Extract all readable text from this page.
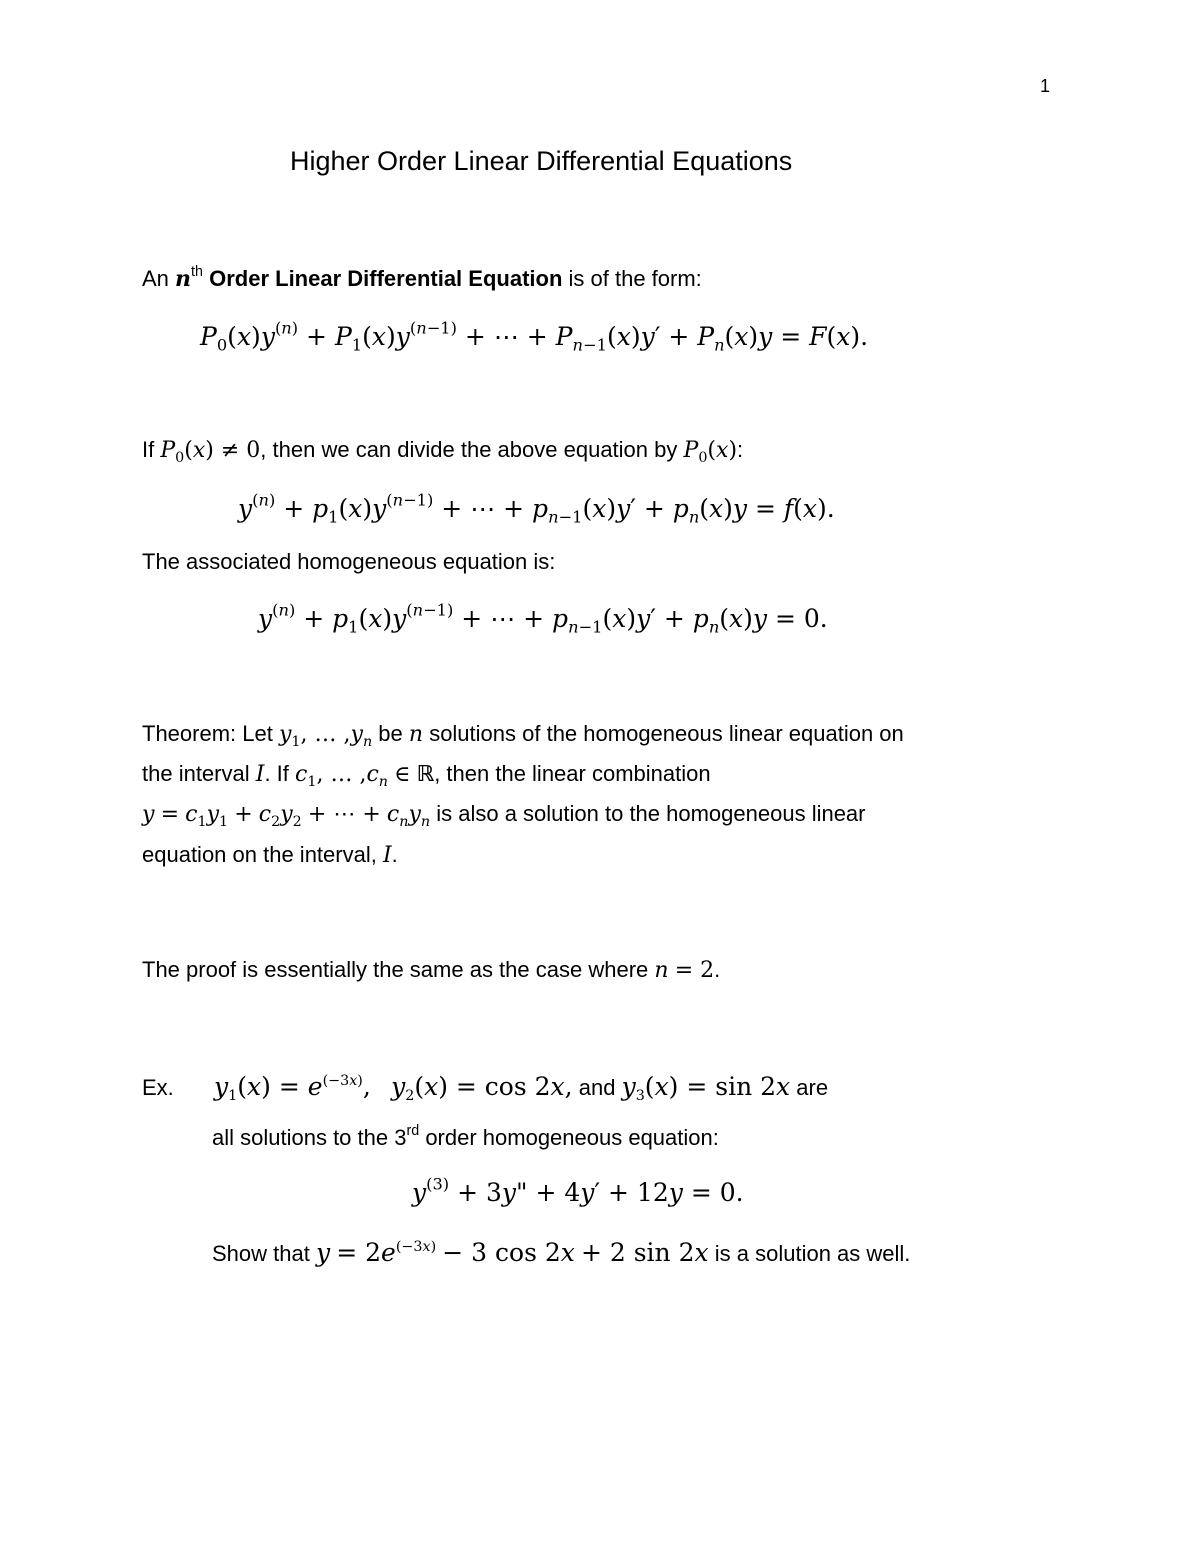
1
Higher Order Linear Differential Equations
An $n^{th}$ Order Linear Differential Equation is of the form:
$P_0(x)y^{(n)} + P_1(x)y^{(n-1)}$ + ⋯ + $P_{n-1}(x)y' + P_n(x)y = F(x)$.
If $P_0(x) \ne 0$, then we can divide the above equation by $P_0(x)$:
$y^{(n)} + p_1(x)y^{(n-1)}$ + ⋯ + $p_{n-1}(x)y' + p_n(x)y = f(x)$.
The associated homogeneous equation is:
$y^{(n)} + p_1(x)y^{(n-1)}$ + ⋯ + $p_{n-1}(x)y' + p_n(x)y = 0$.
Theorem: Let $y_1$, … $,y_n$ be n solutions of the homogeneous linear equation on
the interval I. If $c_1$, … $,c_n$ ∈ ℝ, then the linear combination
$y = c_1y_1 + c_2y_2$ + ⋯ + $c_ny_n$ is also a solution to the homogeneous linear
equation on the interval, I.
The proof is essentially the same as the case where n = 2.
Ex. $y_1(x) = e^{(-3x)}$, $y_2(x) = \cos 2x$, and $y_3(x) = \sin 2x$ are
all solutions to the 3rd order homogeneous equation:
$y^{(3)} + 3y$" + 4y′ + 12y = 0.
Show that $y = 2e^{(-3x)} - 3$ cos 2x + 2 sin 2x is a solution as well.
